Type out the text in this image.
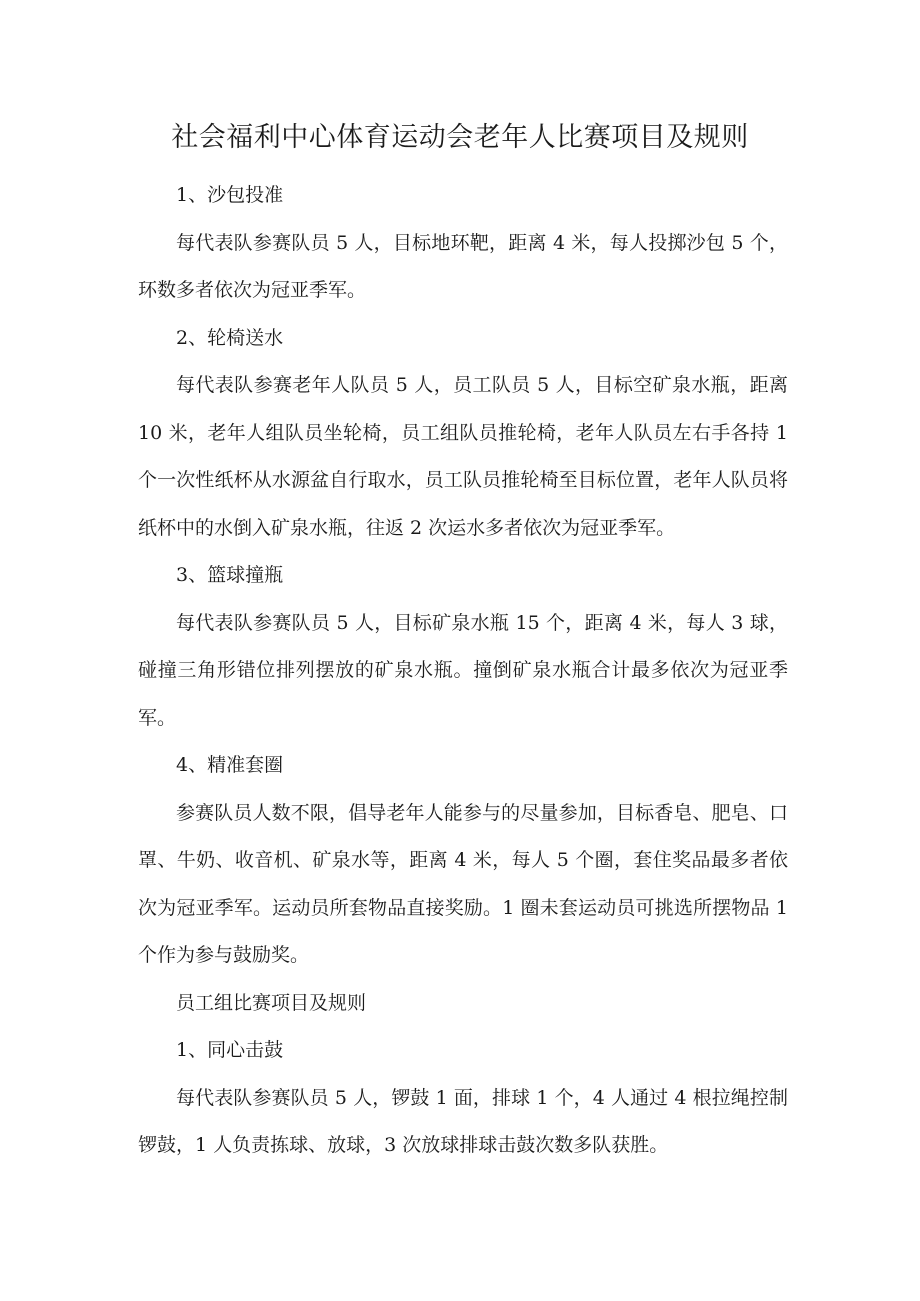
社会福利中心体育运动会老年人比赛项目及规则

1、沙包投准

每代表队参赛队员 5 人，目标地环靶，距离 4 米，每人投掷沙包 5 个，环数多者依次为冠亚季军。

2、轮椅送水

每代表队参赛老年人队员 5 人，员工队员 5 人，目标空矿泉水瓶，距离 10 米，老年人组队员坐轮椅，员工组队员推轮椅，老年人队员左右手各持 1 个一次性纸杯从水源盆自行取水，员工队员推轮椅至目标位置，老年人队员将纸杯中的水倒入矿泉水瓶，往返 2 次运水多者依次为冠亚季军。

3、篮球撞瓶

每代表队参赛队员 5 人，目标矿泉水瓶 15 个，距离 4 米，每人 3 球，碰撞三角形错位排列摆放的矿泉水瓶。撞倒矿泉水瓶合计最多依次为冠亚季军。

4、精准套圈

参赛队员人数不限，倡导老年人能参与的尽量参加，目标香皂、肥皂、口罩、牛奶、收音机、矿泉水等，距离 4 米，每人 5 个圈，套住奖品最多者依次为冠亚季军。运动员所套物品直接奖励。1 圈未套运动员可挑选所摆物品 1 个作为参与鼓励奖。

员工组比赛项目及规则

1、同心击鼓

每代表队参赛队员 5 人，锣鼓 1 面，排球 1 个，4 人通过 4 根拉绳控制锣鼓，1 人负责拣球、放球，3 次放球排球击鼓次数多队获胜。
